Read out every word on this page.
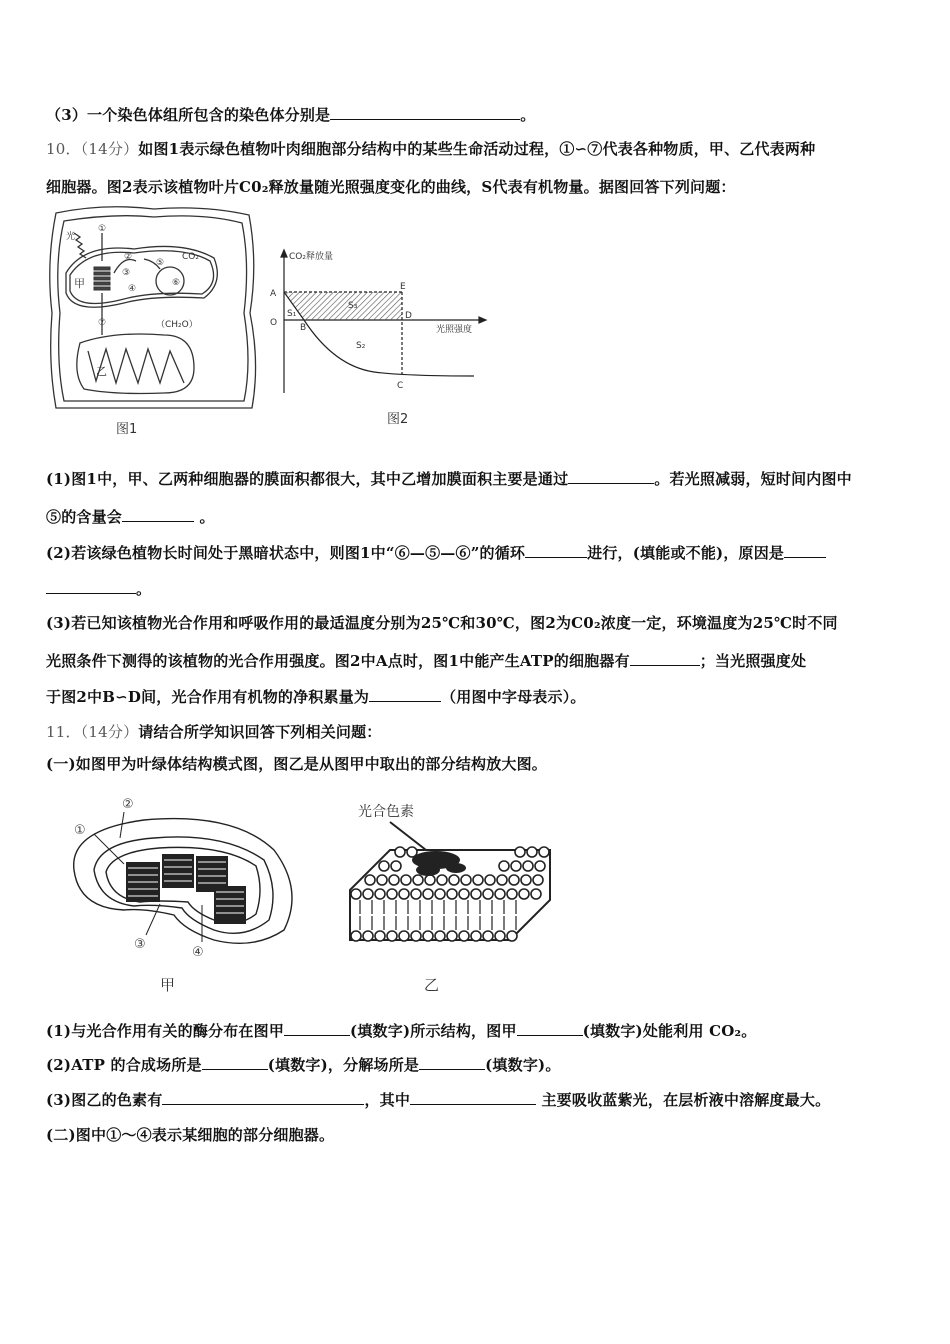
（3）一个染色体组所包含的染色体分别是	。
10．（14分）如图1表示绿色植物叶肉细胞部分结构中的某些生命活动过程，①∽⑦代表各种物质，甲、乙代表两种
细胞器。图2表示该植物叶片C0₂释放量随光照强度变化的曲线，S代表有机物量。据图回答下列问题：
光
①
②
③
④
⑤
⑥
⑦
CO₂
（CH₂O）
甲
乙
图1
CO₂释放量
光照强度
A
O	B
C
D
E
S₁
S₃
S₂
图2
(1)图1中，甲、乙两种细胞器的膜面积都很大，其中乙增加膜面积主要是通过	。若光照减弱，短时间内图中
⑤的含量会	。
(2)若该绿色植物长时间处于黑暗状态中，则图1中“⑥—⑤—⑥”的循环	进行，(填能或不能)，原因是
。
(3)若已知该植物光合作用和呼吸作用的最适温度分别为25℃和30℃，图2为C0₂浓度一定，环境温度为25℃时不同
光照条件下测得的该植物的光合作用强度。图2中A点时，图1中能产生ATP的细胞器有	；当光照强度处
于图2中B∽D间，光合作用有机物的净积累量为	（用图中字母表示）。
11．（14分）请结合所学知识回答下列相关问题：
(一)如图甲为叶绿体结构模式图，图乙是从图甲中取出的部分结构放大图。
②
①
③
④
甲
光合色素
乙
(1)与光合作用有关的酶分布在图甲	(填数字)所示结构，图甲	(填数字)处能利用 CO₂。
(2)ATP 的合成场所是	(填数字)，分解场所是	(填数字)。
(3)图乙的色素有	，其中	主要吸收蓝紫光，在层析液中溶解度最大。
(二)图中①～④表示某细胞的部分细胞器。
